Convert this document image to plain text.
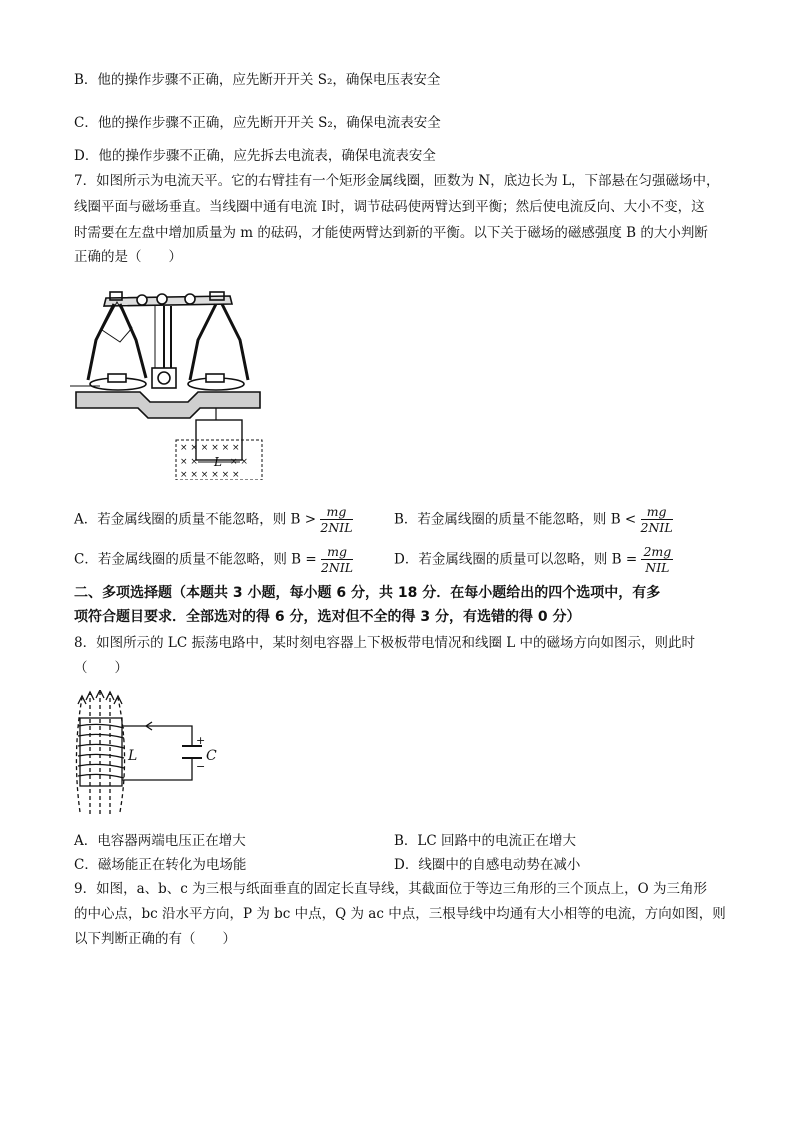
B．他的操作步骤不正确，应先断开开关 S₂，确保电压表安全
C．他的操作步骤不正确，应先断开开关 S₂，确保电流表安全
D．他的操作步骤不正确，应先拆去电流表，确保电流表安全
7．如图所示为电流天平。它的右臂挂有一个矩形金属线圈，匝数为 N，底边长为 L，下部悬在匀强磁场中，
线圈平面与磁场垂直。当线圈中通有电流 I时，调节砝码使两臂达到平衡；然后使电流反向、大小不变，这
时需要在左盘中增加质量为 m 的砝码，才能使两臂达到新的平衡。以下关于磁场的磁感强度 B 的大小判断
正确的是（　　）
× × × × × ×
× ×	× ×
× × × × × ×
L
A．若金属线圈的质量不能忽略，则 $B > \frac{mg}{\text{2NIL}}$	B．若金属线圈的质量不能忽略，则 $B < \frac{mg}{\text{2NIL}}$
C．若金属线圈的质量不能忽略，则 $B = \frac{mg}{\text{2NIL}}$	D．若金属线圈的质量可以忽略，则 $B = \frac{2mg}{\text{NIL}}$
二、多项选择题（本题共 3 小题，每小题 6 分，共 18 分．在每小题给出的四个选项中，有多
项符合题目要求．全部选对的得 6 分，选对但不全的得 3 分，有选错的得 0 分）
8．如图所示的 LC 振荡电路中，某时刻电容器上下极板带电情况和线圈 L 中的磁场方向如图示，则此时
（　　）
L	C
+
−
A．电容器两端电压正在增大	B．LC 回路中的电流正在增大
C．磁场能正在转化为电场能	D．线圈中的自感电动势在减小
9．如图，a、b、c 为三根与纸面垂直的固定长直导线，其截面位于等边三角形的三个顶点上，O 为三角形
的中心点，bc 沿水平方向，P 为 bc 中点，Q 为 ac 中点，三根导线中均通有大小相等的电流，方向如图，则
以下判断正确的有（　　）
